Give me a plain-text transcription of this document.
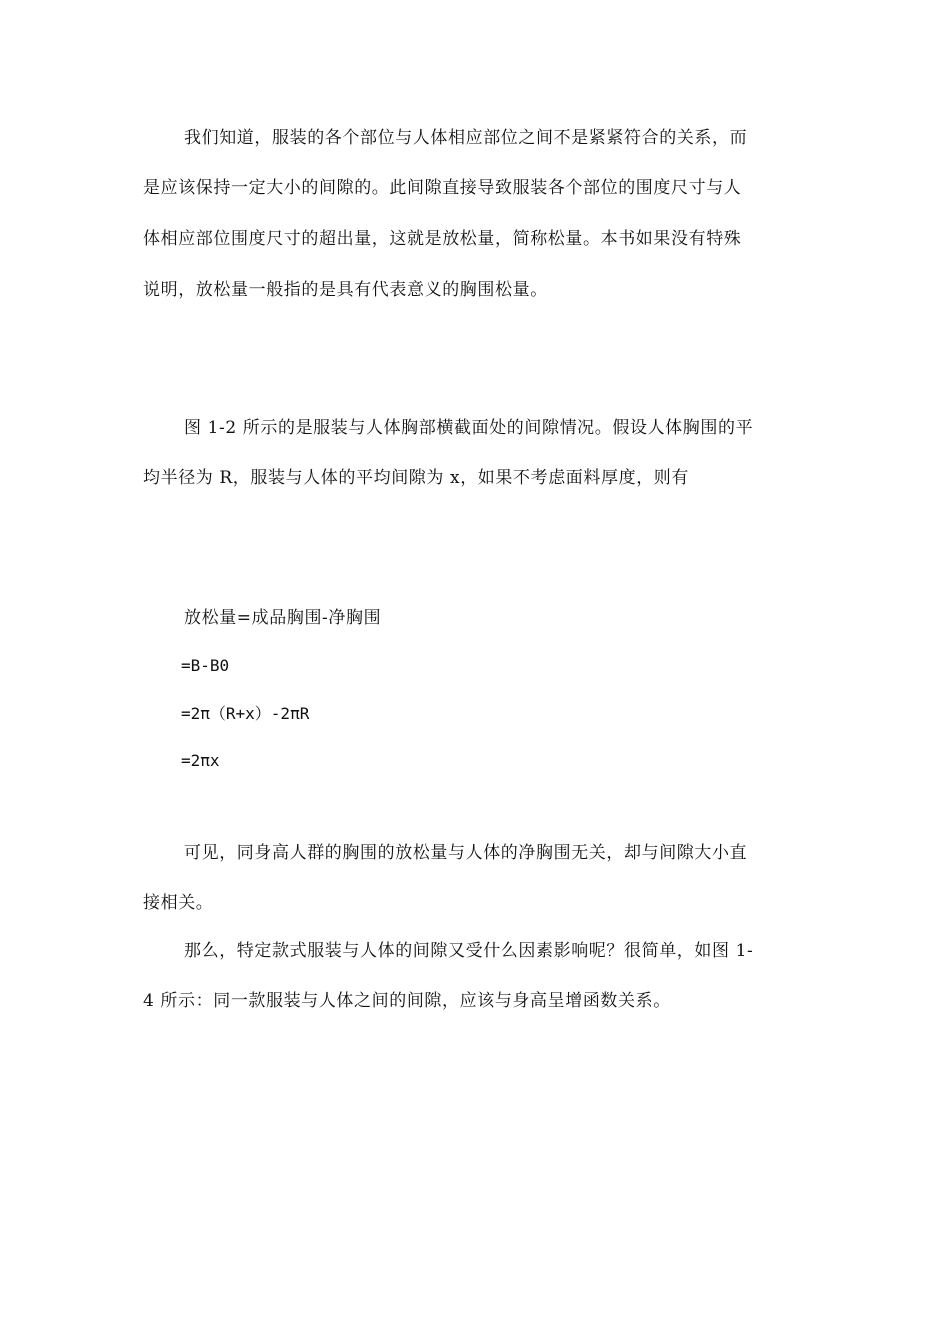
我们知道，服装的各个部位与人体相应部位之间不是紧紧符合的关系，而
是应该保持一定大小的间隙的。此间隙直接导致服装各个部位的围度尺寸与人
体相应部位围度尺寸的超出量，这就是放松量，简称松量。本书如果没有特殊
说明，放松量一般指的是具有代表意义的胸围松量。
图 1-2 所示的是服装与人体胸部横截面处的间隙情况。假设人体胸围的平
均半径为 R，服装与人体的平均间隙为 x，如果不考虑面料厚度，则有
放松量=成品胸围-净胸围
=B-B0
=2π（R+x）-2πR
=2πx
可见，同身高人群的胸围的放松量与人体的净胸围无关，却与间隙大小直
接相关。
那么，特定款式服装与人体的间隙又受什么因素影响呢？很简单，如图 1-
4 所示：同一款服装与人体之间的间隙，应该与身高呈增函数关系。
